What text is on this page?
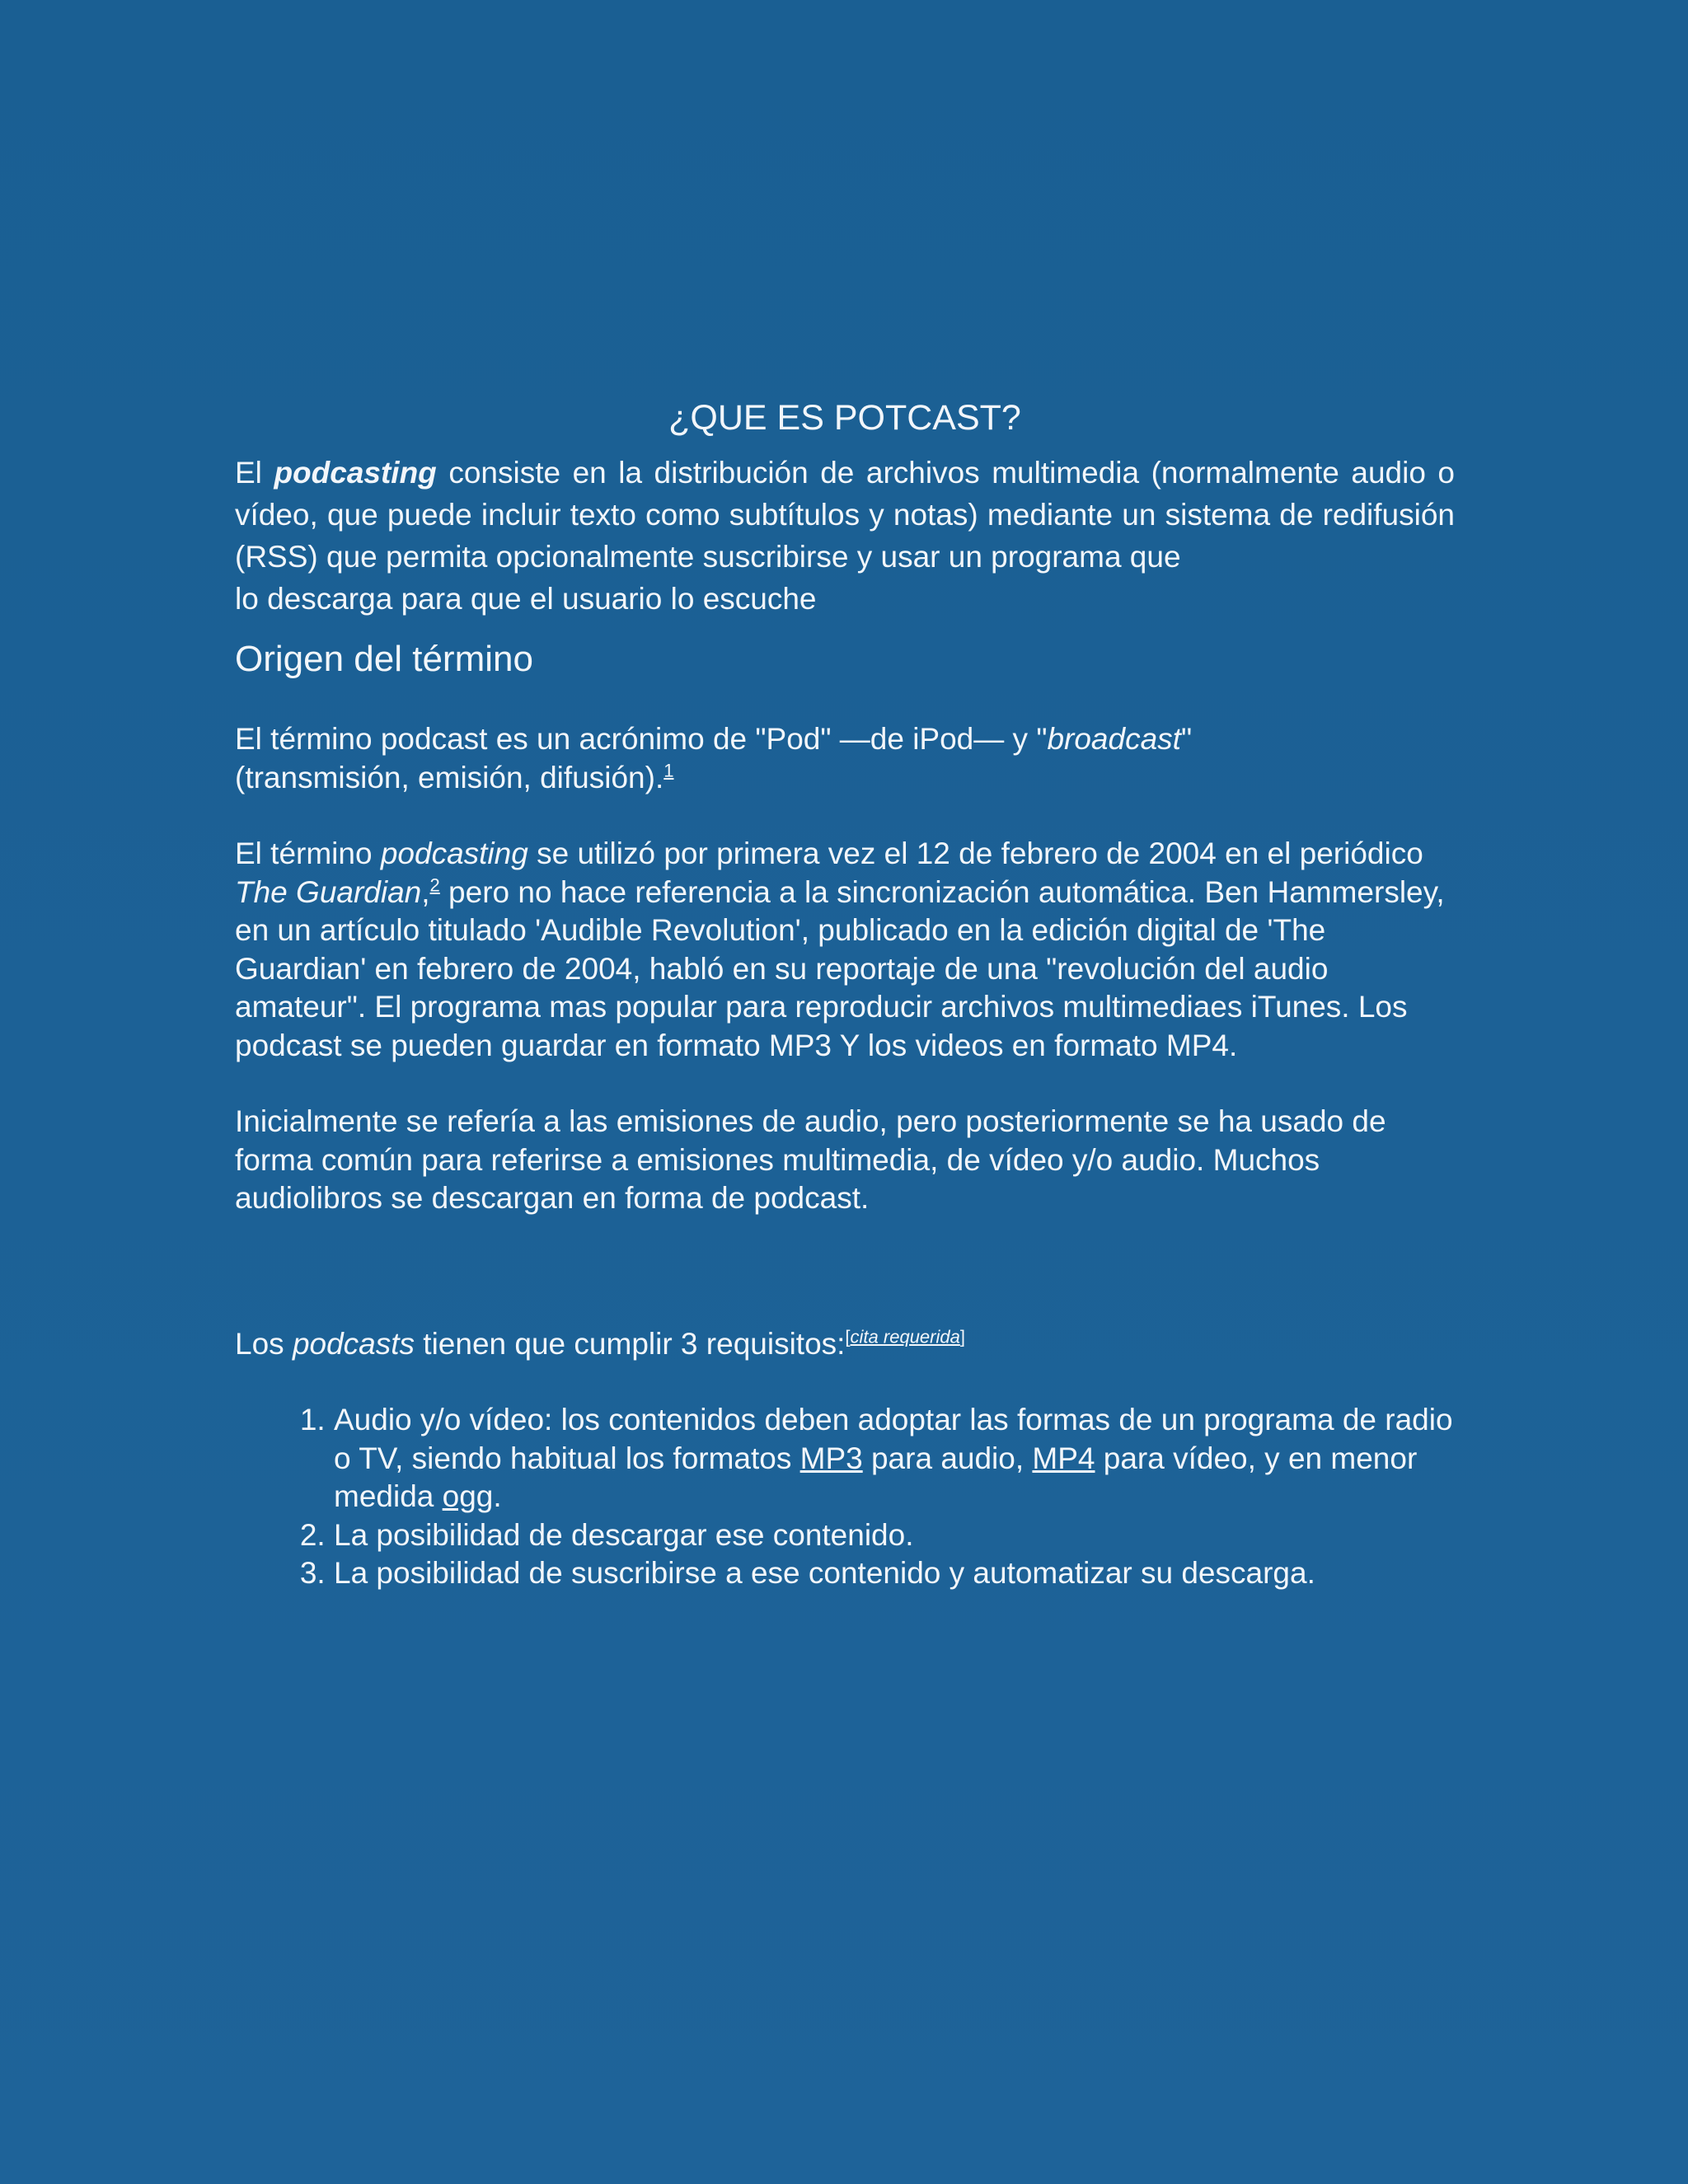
¿QUE ES POTCAST?

El podcasting consiste en la distribución de archivos multimedia (normalmente audio o vídeo, que puede incluir texto como subtítulos y notas) mediante un sistema de redifusión (RSS) que permita opcionalmente suscribirse y usar un programa que

lo descarga para que el usuario lo escuche

Origen del término

El término podcast es un acrónimo de "Pod" —de iPod— y "broadcast"
(transmisión, emisión, difusión).$^1$

El término podcasting se utilizó por primera vez el 12 de febrero de 2004 en el periódico The Guardian,$^2$ pero no hace referencia a la sincronización automática. Ben Hammersley, en un artículo titulado 'Audible Revolution', publicado en la edición digital de 'The Guardian' en febrero de 2004, habló en su reportaje de una "revolución del audio amateur". El programa mas popular para reproducir archivos multimediaes iTunes. Los podcast se pueden guardar en formato MP3 Y los videos en formato MP4.

Inicialmente se refería a las emisiones de audio, pero posteriormente se ha usado de forma común para referirse a emisiones multimedia, de vídeo y/o audio. Muchos audiolibros se descargan en forma de podcast.

Los podcasts tienen que cumplir 3 requisitos:[cita requerida]

1. Audio y/o vídeo: los contenidos deben adoptar las formas de un programa de radio o TV, siendo habitual los formatos MP3 para audio, MP4 para vídeo, y en menor medida ogg.
2. La posibilidad de descargar ese contenido.
3. La posibilidad de suscribirse a ese contenido y automatizar su descarga.
